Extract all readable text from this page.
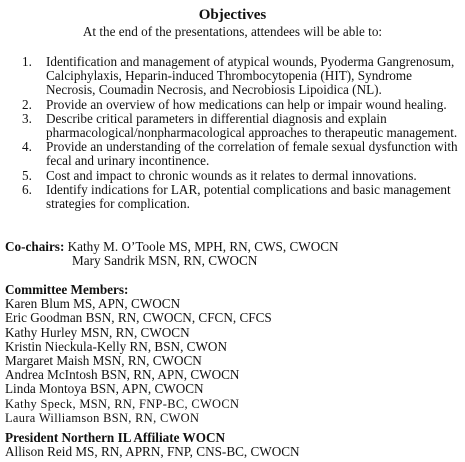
Objectives
At the end of the presentations, attendees will be able to:
1.	Identification and management of atypical wounds, Pyoderma Gangrenosum, Calciphylaxis, Heparin-induced Thrombocytopenia (HIT), Syndrome Necrosis, Coumadin Necrosis, and Necrobiosis Lipoidica (NL).
2.	Provide an overview of how medications can help or impair wound healing.
3.	Describe critical parameters in differential diagnosis and explain pharmacological/nonpharmacological approaches to therapeutic management.
4.	Provide an understanding of the correlation of female sexual dysfunction with fecal and urinary incontinence.
5.	Cost and impact to chronic wounds as it relates to dermal innovations.
6.	Identify indications for LAR, potential complications and basic management strategies for complication.
Co-chairs: Kathy M. O’Toole MS, MPH, RN, CWS, CWOCN
Mary Sandrik MSN, RN, CWOCN
Committee Members:
Karen Blum MS, APN, CWOCN
Eric Goodman BSN, RN, CWOCN, CFCN, CFCS
Kathy Hurley MSN, RN, CWOCN
Kristin Nieckula-Kelly RN, BSN, CWON
Margaret Maish MSN, RN, CWOCN
Andrea McIntosh BSN, RN, APN, CWOCN
Linda Montoya BSN, APN, CWOCN
Kathy Speck, MSN, RN, FNP-BC, CWOCN
Laura Williamson BSN, RN, CWON
President Northern IL Affiliate WOCN
Allison Reid MS, RN, APRN, FNP, CNS-BC, CWOCN
